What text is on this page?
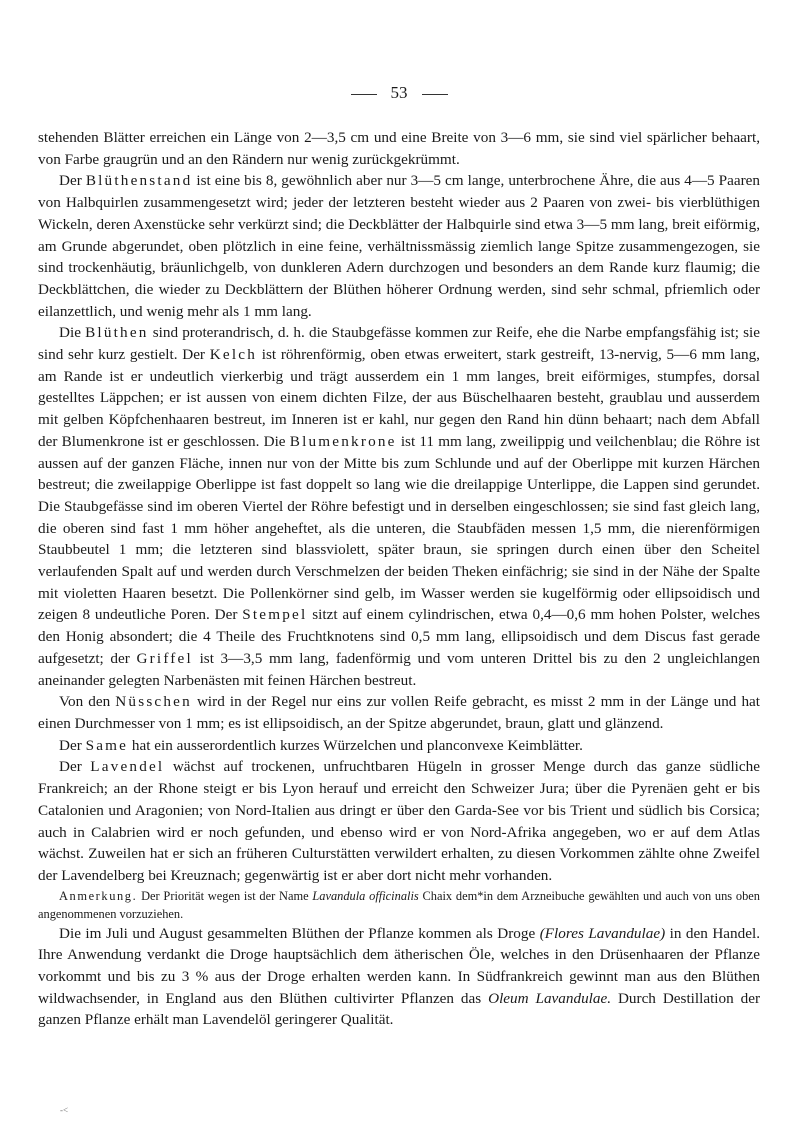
53

stehenden Blätter erreichen ein Länge von 2—3,5 cm und eine Breite von 3—6 mm, sie sind viel spärlicher behaart, von Farbe graugrün und an den Rändern nur wenig zurückgekrümmt.

Der Blüthenstand ist eine bis 8, gewöhnlich aber nur 3—5 cm lange, unterbrochene Ähre, die aus 4—5 Paaren von Halbquirlen zusammengesetzt wird; jeder der letzteren besteht wieder aus 2 Paaren von zwei- bis vierblüthigen Wickeln, deren Axenstücke sehr verkürzt sind; die Deckblätter der Halbquirle sind etwa 3—5 mm lang, breit eiförmig, am Grunde abgerundet, oben plötzlich in eine feine, verhältnissmässig ziemlich lange Spitze zusammengezogen, sie sind trockenhäutig, bräunlichgelb, von dunkleren Adern durchzogen und besonders an dem Rande kurz flaumig; die Deckblättchen, die wieder zu Deckblättern der Blüthen höherer Ordnung werden, sind sehr schmal, pfriemlich oder eilanzettlich, und wenig mehr als 1 mm lang.

Die Blüthen sind proterandrisch, d. h. die Staubgefässe kommen zur Reife, ehe die Narbe empfangsfähig ist; sie sind sehr kurz gestielt. Der Kelch ist röhrenförmig, oben etwas erweitert, stark gestreift, 13-nervig, 5—6 mm lang, am Rande ist er undeutlich vierkerbig und trägt ausserdem ein 1 mm langes, breit eiförmiges, stumpfes, dorsal gestelltes Läppchen; er ist aussen von einem dichten Filze, der aus Büschelhaaren besteht, graublau und ausserdem mit gelben Köpfchenhaaren bestreut, im Inneren ist er kahl, nur gegen den Rand hin dünn behaart; nach dem Abfall der Blumenkrone ist er geschlossen. Die Blumenkrone ist 11 mm lang, zweilippig und veilchenblau; die Röhre ist aussen auf der ganzen Fläche, innen nur von der Mitte bis zum Schlunde und auf der Oberlippe mit kurzen Härchen bestreut; die zweilappige Oberlippe ist fast doppelt so lang wie die dreilappige Unterlippe, die Lappen sind gerundet. Die Staubgefässe sind im oberen Viertel der Röhre befestigt und in derselben eingeschlossen; sie sind fast gleich lang, die oberen sind fast 1 mm höher angeheftet, als die unteren, die Staubfäden messen 1,5 mm, die nierenförmigen Staubbeutel 1 mm; die letzteren sind blassviolett, später braun, sie springen durch einen über den Scheitel verlaufenden Spalt auf und werden durch Verschmelzen der beiden Theken einfächrig; sie sind in der Nähe der Spalte mit violetten Haaren besetzt. Die Pollenkörner sind gelb, im Wasser werden sie kugelförmig oder ellipsoidisch und zeigen 8 undeutliche Poren. Der Stempel sitzt auf einem cylindrischen, etwa 0,4—0,6 mm hohen Polster, welches den Honig absondert; die 4 Theile des Fruchtknotens sind 0,5 mm lang, ellipsoidisch und dem Discus fast gerade aufgesetzt; der Griffel ist 3—3,5 mm lang, fadenförmig und vom unteren Drittel bis zu den 2 ungleichlangen aneinander gelegten Narbenästen mit feinen Härchen bestreut.

Von den Nüsschen wird in der Regel nur eins zur vollen Reife gebracht, es misst 2 mm in der Länge und hat einen Durchmesser von 1 mm; es ist ellipsoidisch, an der Spitze abgerundet, braun, glatt und glänzend.

Der Same hat ein ausserordentlich kurzes Würzelchen und planconvexe Keimblätter.

Der Lavendel wächst auf trockenen, unfruchtbaren Hügeln in grosser Menge durch das ganze südliche Frankreich; an der Rhone steigt er bis Lyon herauf und erreicht den Schweizer Jura; über die Pyrenäen geht er bis Catalonien und Aragonien; von Nord-Italien aus dringt er über den Garda-See vor bis Trient und südlich bis Corsica; auch in Calabrien wird er noch gefunden, und ebenso wird er von Nord-Afrika angegeben, wo er auf dem Atlas wächst. Zuweilen hat er sich an früheren Culturstätten verwildert erhalten, zu diesen Vorkommen zählte ohne Zweifel der Lavendelberg bei Kreuznach; gegenwärtig ist er aber dort nicht mehr vorhanden.

Anmerkung. Der Priorität wegen ist der Name Lavandula officinalis Chaix dem*in dem Arzneibuche gewählten und auch von uns oben angenommenen vorzuziehen.

Die im Juli und August gesammelten Blüthen der Pflanze kommen als Droge (Flores Lavandulae) in den Handel. Ihre Anwendung verdankt die Droge hauptsächlich dem ätherischen Öle, welches in den Drüsenhaaren der Pflanze vorkommt und bis zu 3 % aus der Droge erhalten werden kann. In Südfrankreich gewinnt man aus den Blüthen wildwachsender, in England aus den Blüthen cultivirter Pflanzen das Oleum Lavandulae. Durch Destillation der ganzen Pflanze erhält man Lavendelöl geringerer Qualität.

-<
